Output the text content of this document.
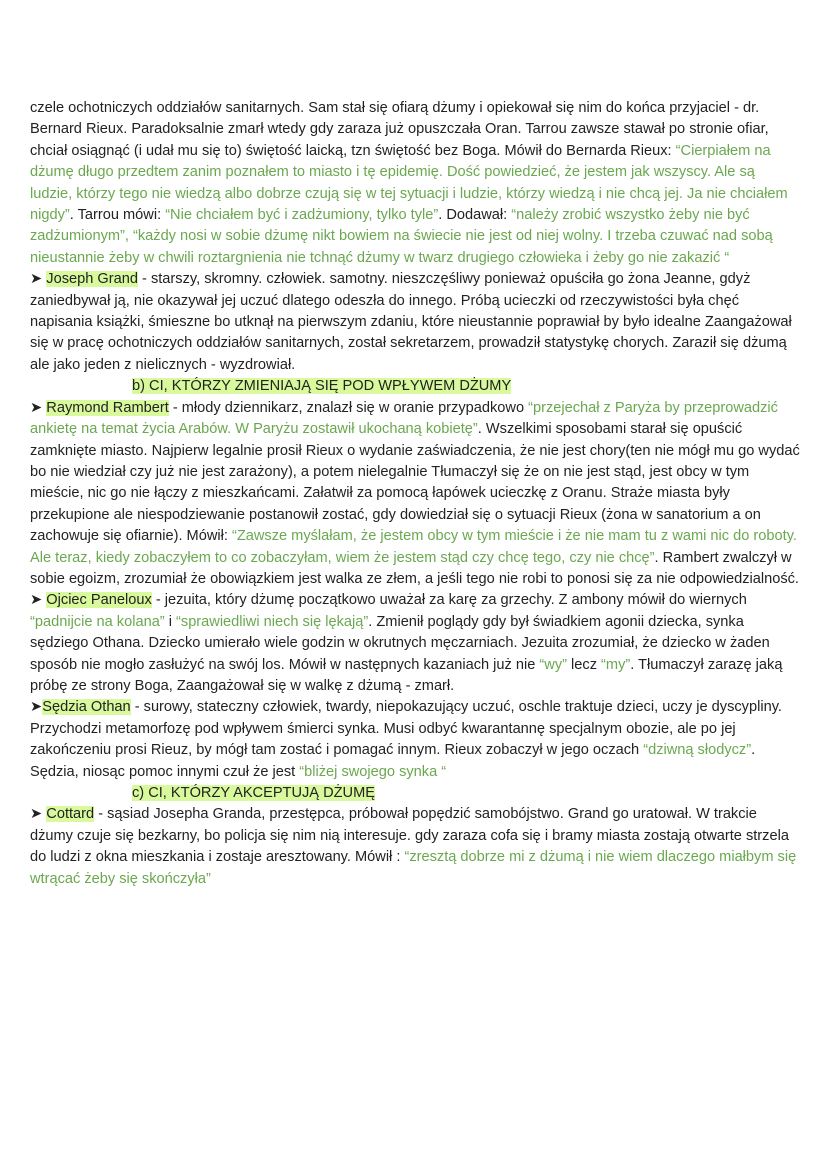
czele ochotniczych oddziałów sanitarnych. Sam stał się ofiarą dżumy i opiekował się nim do końca przyjaciel - dr. Bernard Rieux. Paradoksalnie zmarł wtedy gdy zaraza już opuszczała Oran. Tarrou zawsze stawał po stronie ofiar, chciał osiągnąć (i udał mu się to) świętość laicką, tzn świętość bez Boga. Mówił do Bernarda Rieux: “Cierpiałem na dżumę długo przedtem zanim poznałem to miasto i tę epidemię. Dość powiedzieć, że jestem jak wszyscy. Ale są ludzie, którzy tego nie wiedzą albo dobrze czują się w tej sytuacji i ludzie, którzy wiedzą i nie chcą jej. Ja nie chciałem nigdy”. Tarrou mówi: “Nie chciałem być i zadżumiony, tylko tyle”. Dodawał: “należy zrobić wszystko żeby nie być zadżumionym”, “każdy nosi w sobie dżumę nikt bowiem na świecie nie jest od niej wolny. I trzeba czuwać nad sobą nieustannie żeby w chwili roztargnienia nie tchnąć dżumy w twarz drugiego człowieka i żeby go nie zakazić “

➤ Joseph Grand - starszy, skromny. człowiek. samotny. nieszczęśliwy ponieważ opuściła go żona Jeanne, gdyż zaniedbywał ją, nie okazywał jej uczuć dlatego odeszła do innego. Próbą ucieczki od rzeczywistości była chęć napisania książki, śmieszne bo utknął na pierwszym zdaniu, które nieustannie poprawiał by było idealne Zaangażował się w pracę ochotniczych oddziałów sanitarnych, został sekretarzem, prowadził statystykę chorych. Zaraził się dżumą ale jako jeden z nielicznych - wyzdrowiał.

b) CI, KTÓRZY ZMIENIAJĄ SIĘ POD WPŁYWEM DŻUMY

➤ Raymond Rambert - młody dziennikarz, znalazł się w oranie przypadkowo “przejechał z Paryża by przeprowadzić ankietę na temat życia Arabów. W Paryżu zostawił ukochaną kobietę”. Wszelkimi sposobami starał się opuścić zamknięte miasto. Najpierw legalnie prosił Rieux o wydanie zaświadczenia, że nie jest chory(ten nie mógł mu go wydać bo nie wiedział czy już nie jest zarażony), a potem nielegalnie Tłumaczył się że on nie jest stąd, jest obcy w tym mieście, nic go nie łączy z mieszkańcami. Załatwił za pomocą łapówek ucieczkę z Oranu. Straże miasta były przekupione ale niespodziewanie postanowił zostać, gdy dowiedział się o sytuacji Rieux (żona w sanatorium a on zachowuje się ofiarnie). Mówił: “Zawsze myślałam, że jestem obcy w tym mieście i że nie mam tu z wami nic do roboty. Ale teraz, kiedy zobaczyłem to co zobaczyłam, wiem że jestem stąd czy chcę tego, czy nie chcę”. Rambert zwalczył w sobie egoizm, zrozumiał że obowiązkiem jest walka ze złem, a jeśli tego nie robi to ponosi się za nie odpowiedzialność.

➤ Ojciec Paneloux - jezuita, który dżumę początkowo uważał za karę za grzechy. Z ambony mówił do wiernych “padnijcie na kolana” i “sprawiedliwi niech się lękają”. Zmienił poglądy gdy był świadkiem agonii dziecka, synka sędziego Othana. Dziecko umierało wiele godzin w okrutnych męczarniach. Jezuita zrozumiał, że dziecko w żaden sposób nie mogło zasłużyć na swój los. Mówił w następnych kazaniach już nie “wy” lecz “my”. Tłumaczył zarazę jaką próbę ze strony Boga, Zaangażował się w walkę z dżumą - zmarł.

➤Sędzia Othan - surowy, stateczny człowiek, twardy, niepokazujący uczuć, oschle traktuje dzieci, uczy je dyscypliny. Przychodzi metamorfozę pod wpływem śmierci synka. Musi odbyć kwarantannę specjalnym obozie, ale po jej zakończeniu prosi Rieuz, by mógł tam zostać i pomagać innym. Rieux zobaczył w jego oczach “dziwną słodycz”. Sędzia, niosąc pomoc innymi czuł że jest “bliżej swojego synka “

c) CI, KTÓRZY AKCEPTUJĄ DŻUMĘ

➤ Cottard - sąsiad Josepha Granda, przestępca, próbował popędzić samobójstwo. Grand go uratował. W trakcie dżumy czuje się bezkarny, bo policja się nim nią interesuje. gdy zaraza cofa się i bramy miasta zostają otwarte strzela do ludzi z okna mieszkania i zostaje aresztowany. Mówił : “zresztą dobrze mi z dżumą i nie wiem dlaczego miałbym się wtrącać żeby się skończyła”
